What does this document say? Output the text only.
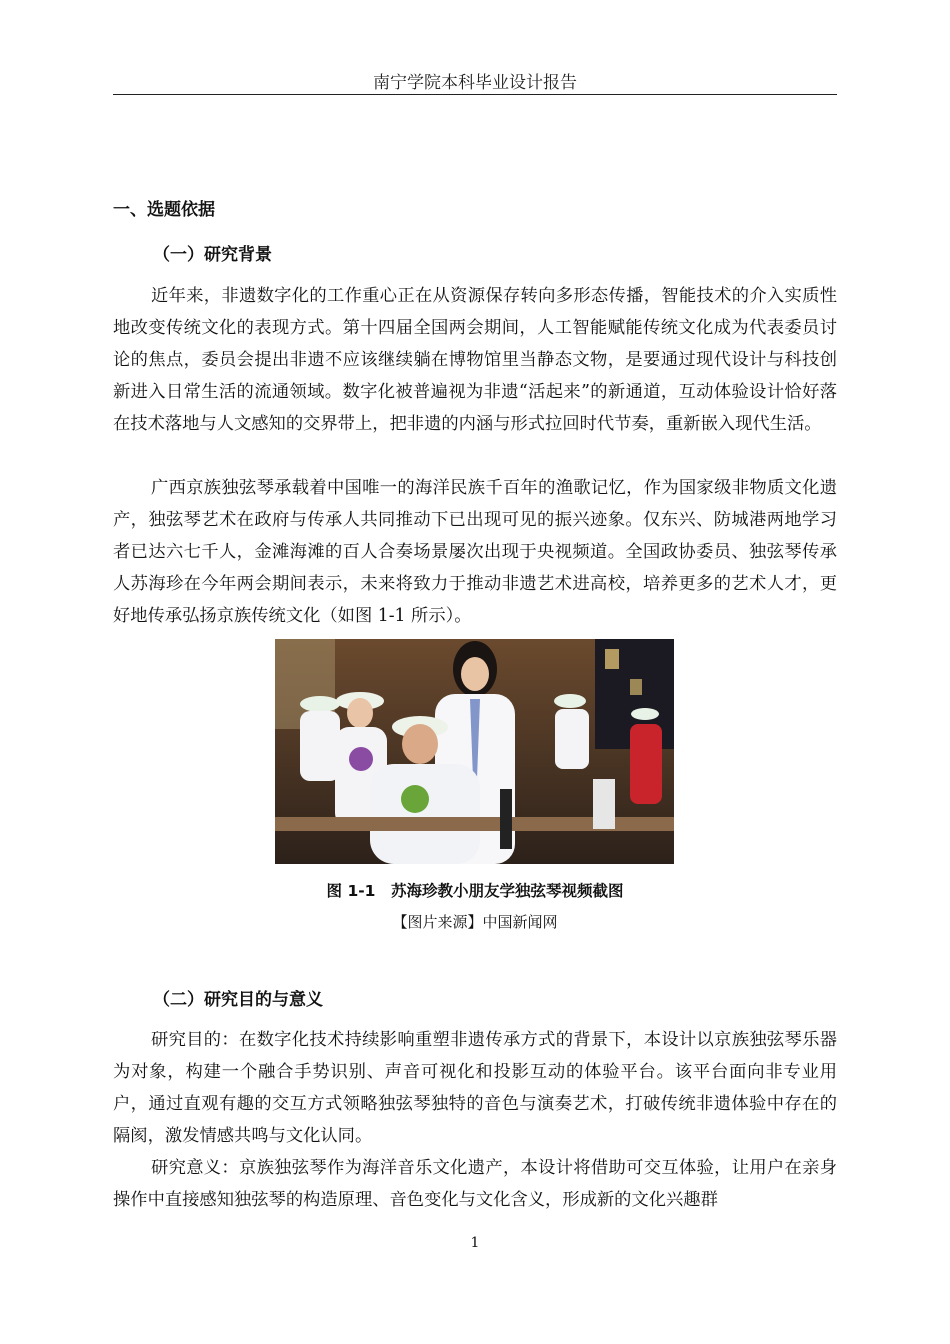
南宁学院本科毕业设计报告
一、选题依据
（一）研究背景

近年来，非遗数字化的工作重心正在从资源保存转向多形态传播，智能技术的介入实质性地改变传统文化的表现方式。第十四届全国两会期间，人工智能赋能传统文化成为代表委员讨论的焦点，委员会提出非遗不应该继续躺在博物馆里当静态文物，是要通过现代设计与科技创新进入日常生活的流通领域。数字化被普遍视为非遗“活起来”的新通道，互动体验设计恰好落在技术落地与人文感知的交界带上，把非遗的内涵与形式拉回时代节奏，重新嵌入现代生活。

广西京族独弦琴承载着中国唯一的海洋民族千百年的渔歌记忆，作为国家级非物质文化遗产，独弦琴艺术在政府与传承人共同推动下已出现可见的振兴迹象。仅东兴、防城港两地学习者已达六七千人，金滩海滩的百人合奏场景屡次出现于央视频道。全国政协委员、独弦琴传承人苏海珍在今年两会期间表示，未来将致力于推动非遗艺术进高校，培养更多的艺术人才，更好地传承弘扬京族传统文化（如图 1-1 所示）。

图 1-1　苏海珍教小朋友学独弦琴视频截图
【图片来源】中国新闻网
（二）研究目的与意义

研究目的：在数字化技术持续影响重塑非遗传承方式的背景下，本设计以京族独弦琴乐器为对象，构建一个融合手势识别、声音可视化和投影互动的体验平台。该平台面向非专业用户，通过直观有趣的交互方式领略独弦琴独特的音色与演奏艺术，打破传统非遗体验中存在的隔阂，激发情感共鸣与文化认同。

研究意义：京族独弦琴作为海洋音乐文化遗产，本设计将借助可交互体验，让用户在亲身操作中直接感知独弦琴的构造原理、音色变化与文化含义，形成新的文化兴趣群

1
